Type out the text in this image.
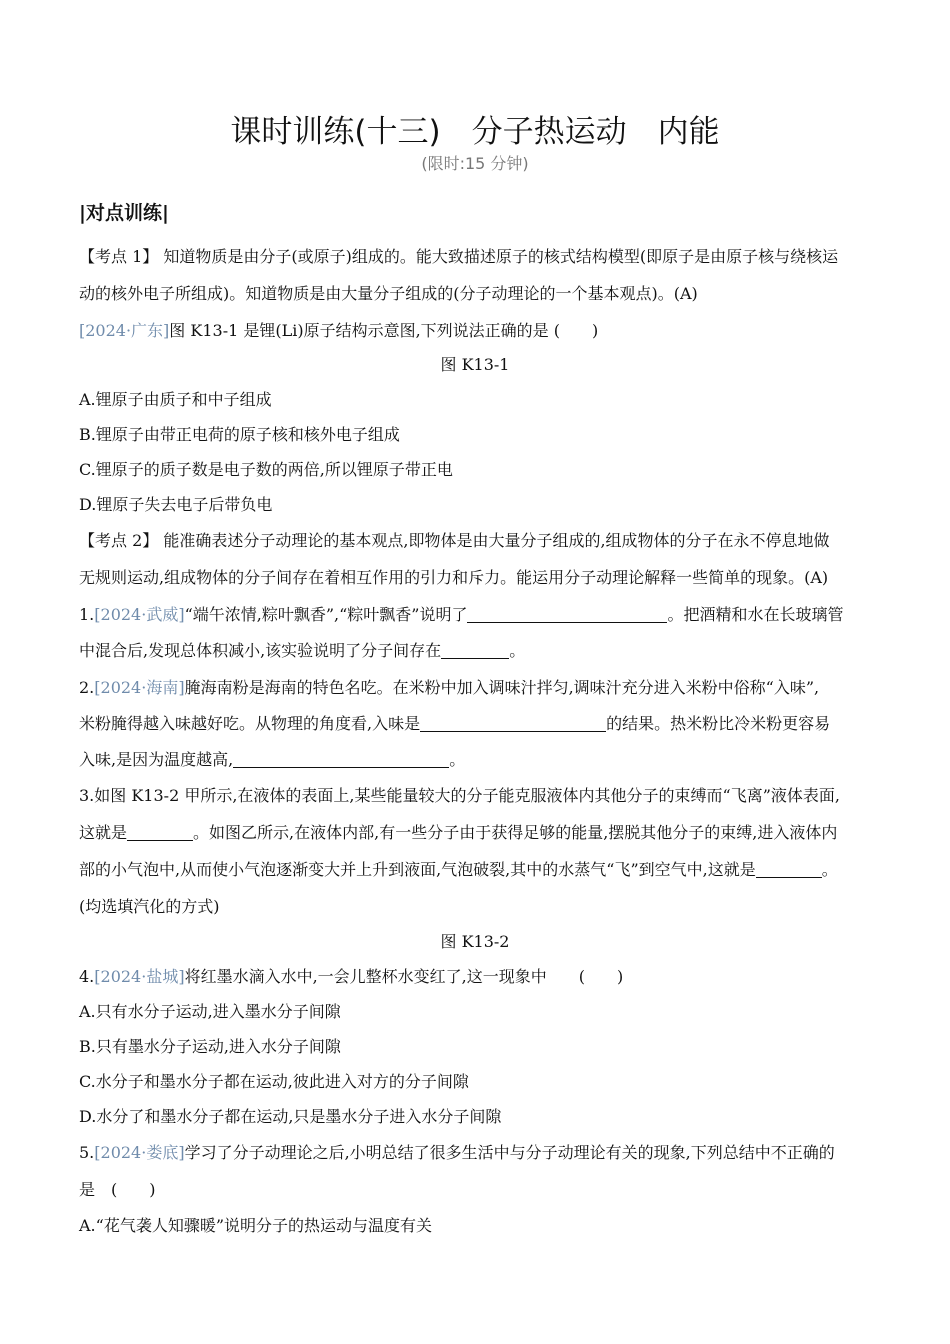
课时训练(十三)　分子热运动　内能
(限时:15 分钟)
|对点训练|
【考点 1】 知道物质是由分子(或原子)组成的。能大致描述原子的核式结构模型(即原子是由原子核与绕核运
动的核外电子所组成)。知道物质是由大量分子组成的(分子动理论的一个基本观点)。(A)
[2024·广东]图 K13-1 是锂(Li)原子结构示意图,下列说法正确的是 (　　)
图 K13-1
A.锂原子由质子和中子组成
B.锂原子由带正电荷的原子核和核外电子组成
C.锂原子的质子数是电子数的两倍,所以锂原子带正电
D.锂原子失去电子后带负电
【考点 2】 能准确表述分子动理论的基本观点,即物体是由大量分子组成的,组成物体的分子在永不停息地做
无规则运动,组成物体的分子间存在着相互作用的引力和斥力。能运用分子动理论解释一些简单的现象。(A)
1.[2024·武威]“端午浓情,粽叶飘香”,“粽叶飘香”说明了	。把酒精和水在长玻璃管
中混合后,发现总体积减小,该实验说明了分子间存在	。
2.[2024·海南]腌海南粉是海南的特色名吃。在米粉中加入调味汁拌匀,调味汁充分进入米粉中俗称“入味”,
米粉腌得越入味越好吃。从物理的角度看,入味是	的结果。热米粉比冷米粉更容易
入味,是因为温度越高,	。
3.如图 K13-2 甲所示,在液体的表面上,某些能量较大的分子能克服液体内其他分子的束缚而“飞离”液体表面,
这就是	。如图乙所示,在液体内部,有一些分子由于获得足够的能量,摆脱其他分子的束缚,进入液体内
部的小气泡中,从而使小气泡逐渐变大并上升到液面,气泡破裂,其中的水蒸气“飞”到空气中,这就是	。
(均选填汽化的方式)
图 K13-2
4.[2024·盐城]将红墨水滴入水中,一会儿整杯水变红了,这一现象中　　(　　)
A.只有水分子运动,进入墨水分子间隙
B.只有墨水分子运动,进入水分子间隙
C.水分子和墨水分子都在运动,彼此进入对方的分子间隙
D.水分了和墨水分子都在运动,只是墨水分子进入水分子间隙
5.[2024·娄底]学习了分子动理论之后,小明总结了很多生活中与分子动理论有关的现象,下列总结中不正确的
是　(　　)
A.“花气袭人知骤暖”说明分子的热运动与温度有关
